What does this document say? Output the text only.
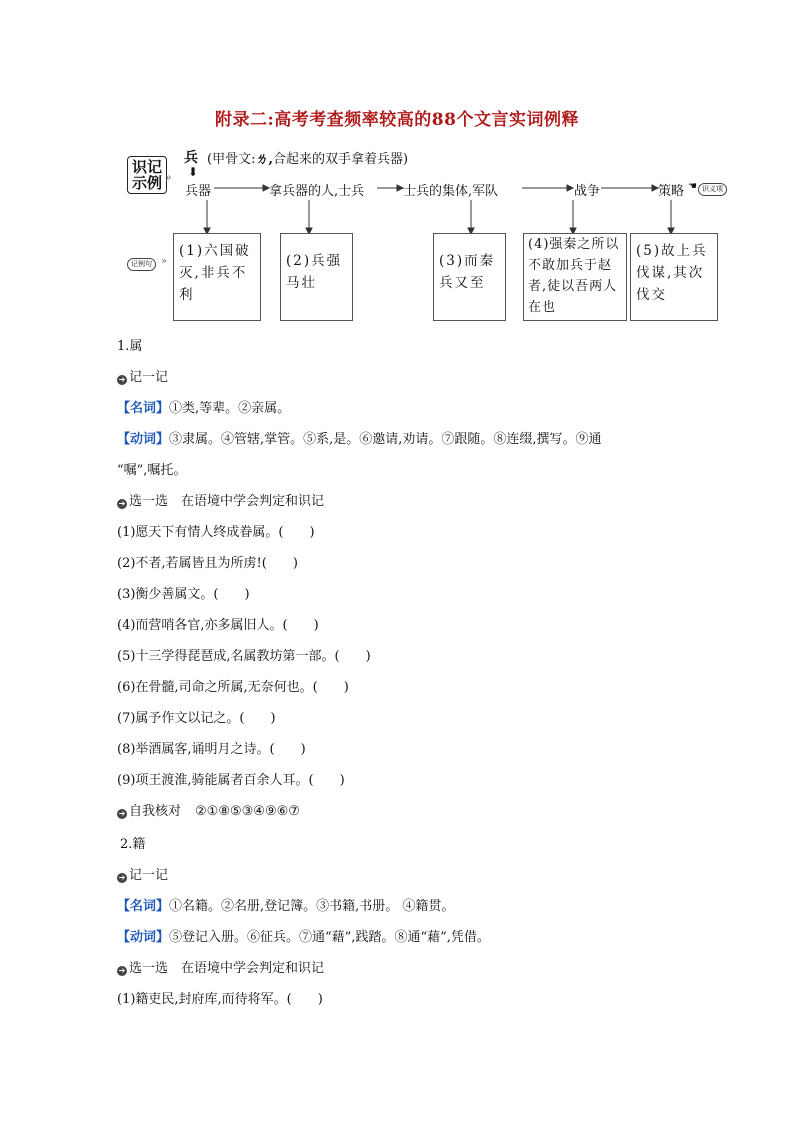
附录二:高考考查频率较高的88个文言实词例释
识记
示例 »
兵
⬇
(甲骨文:ㄌ,合起来的双手拿着兵器)
兵器	拿兵器的人,士兵	士兵的集体,军队	战争	策略 ☚ 识义项
记例句 »
(1)六国破灭,非兵不利
(2)兵强马壮
(3)而秦兵又至
(4)强秦之所以不敢加兵于赵者,徒以吾两人在也
(5)故上兵伐谋,其次伐交
1.属
➔ 记一记
【名词】①类,等辈。②亲属。
【动词】③隶属。④管辖,掌管。⑤系,是。⑥邀请,劝请。⑦跟随。⑧连缀,撰写。⑨通
“嘱”,嘱托。
➔ 选一选　在语境中学会判定和识记
(1)愿天下有情人终成眷属。(　　)
(2)不者,若属皆且为所虏!(　　)
(3)衡少善属文。(　　)
(4)而营哨各官,亦多属旧人。(　　)
(5)十三学得琵琶成,名属教坊第一部。(　　)
(6)在骨髓,司命之所属,无奈何也。(　　)
(7)属予作文以记之。(　　)
(8)举酒属客,诵明月之诗。(　　)
(9)项王渡淮,骑能属者百余人耳。(　　)
➔ 自我核对 ②①⑧⑤③④⑨⑥⑦
2.籍
➔ 记一记
【名词】①名籍。②名册,登记簿。③书籍,书册。 ④籍贯。
【动词】⑤登记入册。⑥征兵。⑦通“藉”,践踏。⑧通“藉”,凭借。
➔ 选一选　在语境中学会判定和识记
(1)籍吏民,封府库,而待将军。(　　)
